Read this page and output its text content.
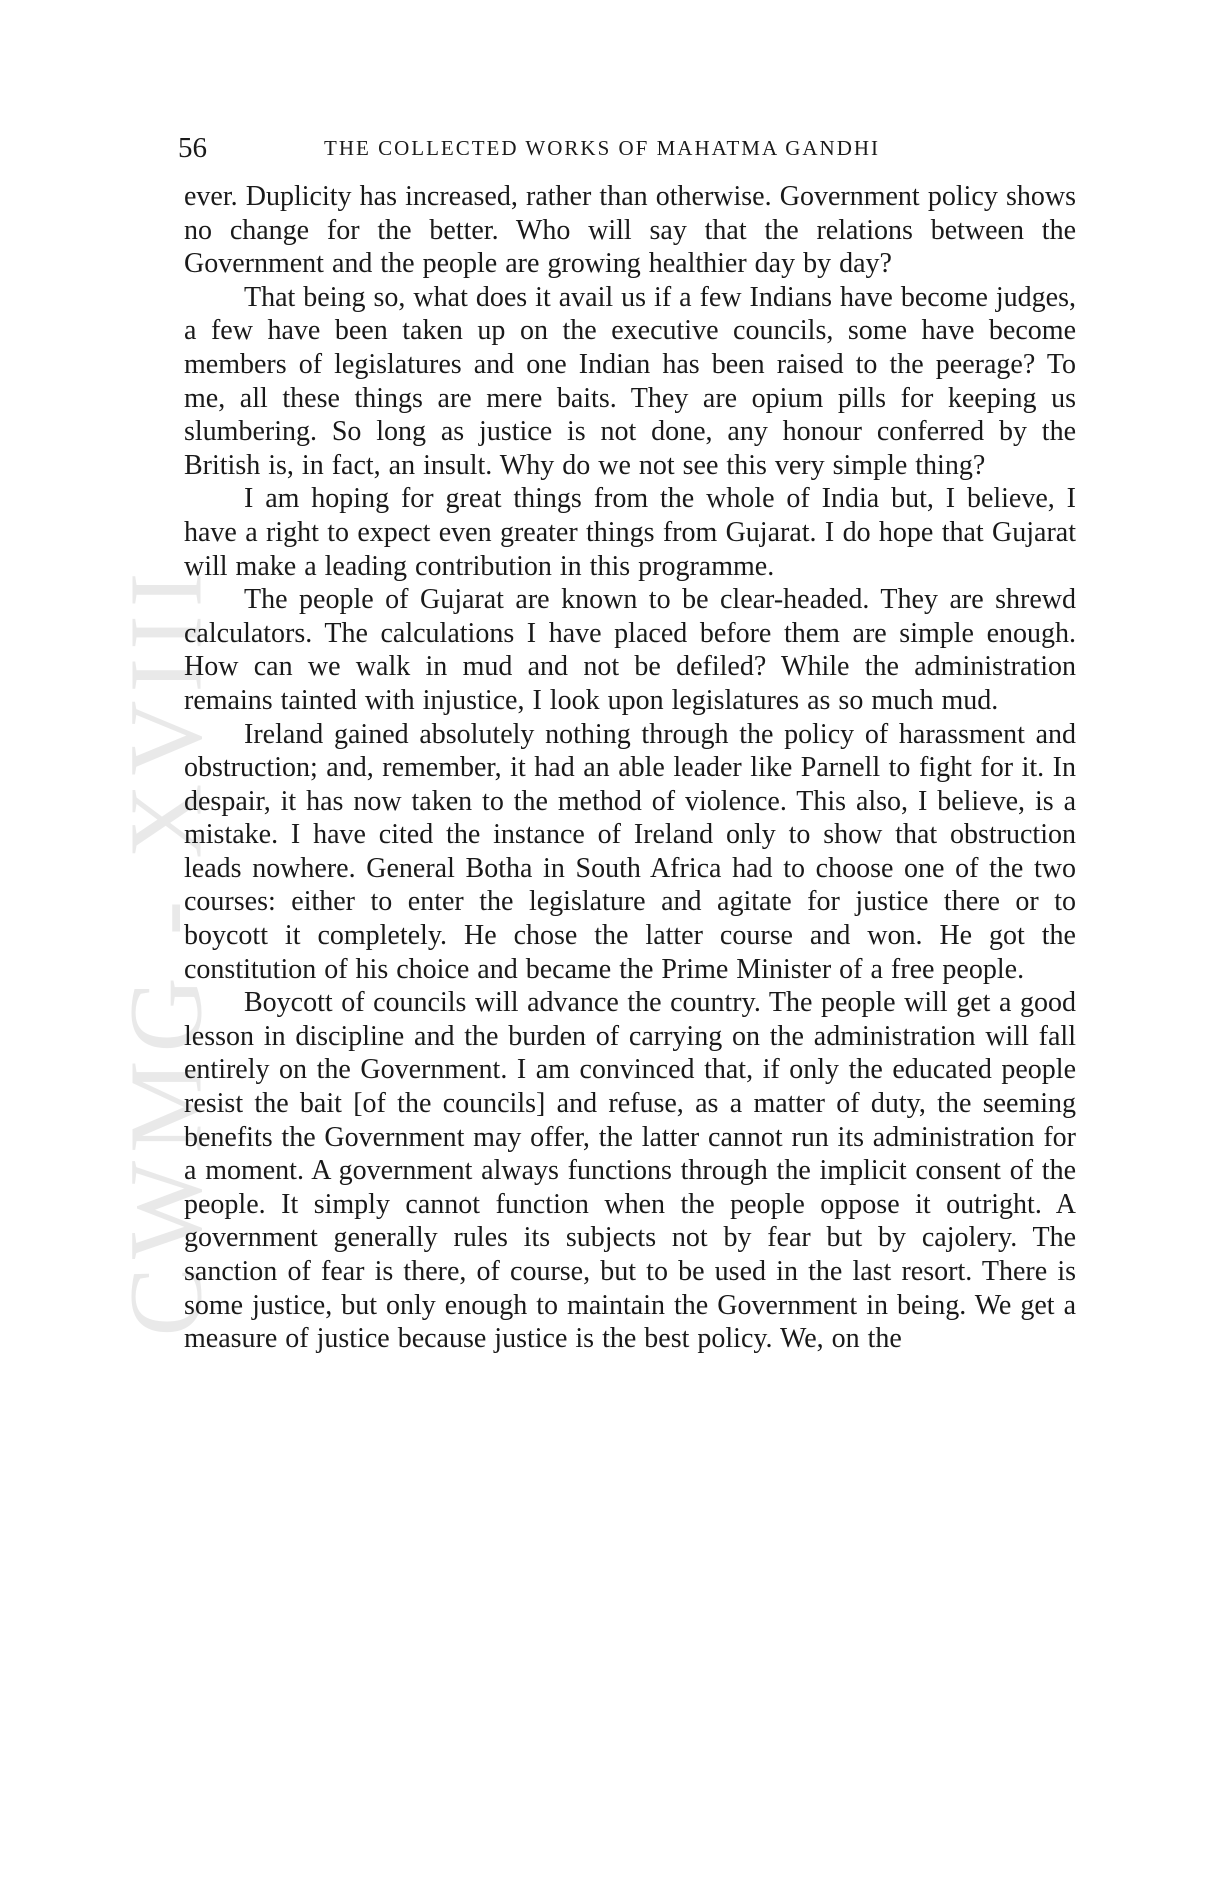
CWMG - XVIII
56	THE COLLECTED WORKS OF MAHATMA GANDHI

ever. Duplicity has increased, rather than otherwise. Government policy shows no change for the better. Who will say that the relations between the Government and the people are growing healthier day by day?

That being so, what does it avail us if a few Indians have become judges, a few have been taken up on the executive councils, some have become members of legislatures and one Indian has been raised to the peerage? To me, all these things are mere baits. They are opium pills for keeping us slumbering. So long as justice is not done, any honour conferred by the British is, in fact, an insult. Why do we not see this very simple thing?

I am hoping for great things from the whole of India but, I believe, I have a right to expect even greater things from Gujarat. I do hope that Gujarat will make a leading contribution in this programme.

The people of Gujarat are known to be clear-headed. They are shrewd calculators. The calculations I have placed before them are simple enough. How can we walk in mud and not be defiled? While the administration remains tainted with injustice, I look upon legislatures as so much mud.

Ireland gained absolutely nothing through the policy of harassment and obstruction; and, remember, it had an able leader like Parnell to fight for it. In despair, it has now taken to the method of violence. This also, I believe, is a mistake. I have cited the instance of Ireland only to show that obstruction leads nowhere. General Botha in South Africa had to choose one of the two courses: either to enter the legislature and agitate for justice there or to boycott it completely. He chose the latter course and won. He got the constitution of his choice and became the Prime Minister of a free people.

Boycott of councils will advance the country. The people will get a good lesson in discipline and the burden of carrying on the administration will fall entirely on the Government. I am convinced that, if only the educated people resist the bait [of the councils] and refuse, as a matter of duty, the seeming benefits the Government may offer, the latter cannot run its administration for a moment. A government always functions through the implicit consent of the people. It simply cannot function when the people oppose it outright. A government generally rules its subjects not by fear but by cajolery. The sanction of fear is there, of course, but to be used in the last resort. There is some justice, but only enough to maintain the Government in being. We get a measure of justice because justice is the best policy. We, on the
